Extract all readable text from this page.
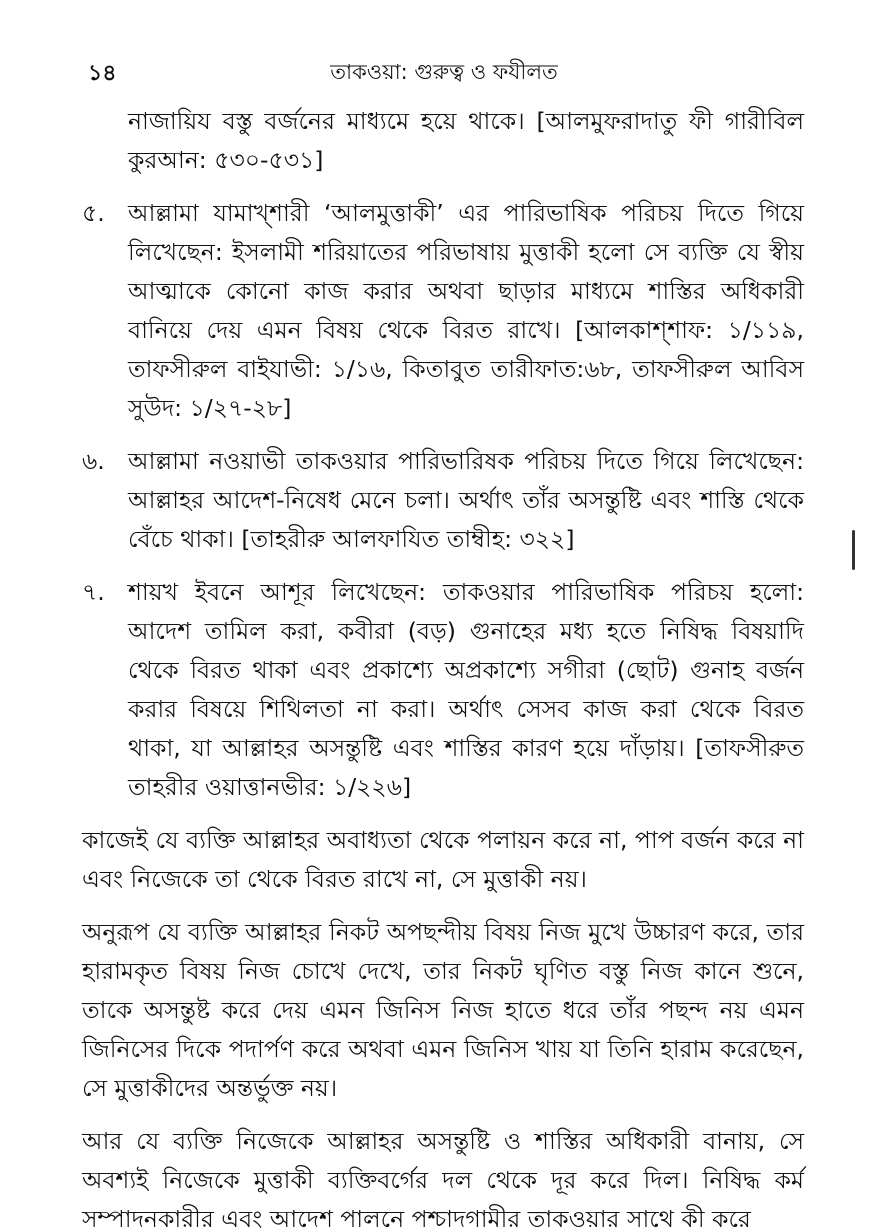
১৪	তাকওয়া: গুরুত্ব ও ফযীলত

নাজায়িয বস্তু বর্জনের মাধ্যমে হয়ে থাকে। [আলমুফরাদাতু ফী গারীবিল কুরআন: ৫৩০-৫৩১]

৫. আল্লামা যামাখ্শারী ‘আলমুত্তাকী’ এর পারিভাষিক পরিচয় দিতে গিয়ে লিখেছেন: ইসলামী শরিয়াতের পরিভাষায় মুত্তাকী হলো সে ব্যক্তি যে স্বীয় আত্মাকে কোনো কাজ করার অথবা ছাড়ার মাধ্যমে শাস্তির অধিকারী বানিয়ে দেয় এমন বিষয় থেকে বিরত রাখে। [আলকাশ্শাফ: ১/১১৯, তাফসীরুল বাইযাভী: ১/১৬, কিতাবুত তারীফাত:৬৮, তাফসীরুল আবিস সুউদ: ১/২৭-২৮]
৬. আল্লামা নওয়াভী তাকওয়ার পারিভারিষক পরিচয় দিতে গিয়ে লিখেছেন: আল্লাহর আদেশ-নিষেধ মেনে চলা। অর্থাৎ তাঁর অসন্তুষ্টি এবং শাস্তি থেকে বেঁচে থাকা। [তাহরীরু আলফাযিত তাম্বীহ: ৩২২]
৭. শায়খ ইবনে আশূর লিখেছেন: তাকওয়ার পারিভাষিক পরিচয় হলো: আদেশ তামিল করা, কবীরা (বড়) গুনাহের মধ্য হতে নিষিদ্ধ বিষয়াদি থেকে বিরত থাকা এবং প্রকাশ্যে অপ্রকাশ্যে সগীরা (ছোট) গুনাহ বর্জন করার বিষয়ে শিথিলতা না করা। অর্থাৎ সেসব কাজ করা থেকে বিরত থাকা, যা আল্লাহর অসন্তুষ্টি এবং শাস্তির কারণ হয়ে দাঁড়ায়। [তাফসীরুত তাহরীর ওয়াত্তানভীর: ১/২২৬]

কাজেই যে ব্যক্তি আল্লাহর অবাধ্যতা থেকে পলায়ন করে না, পাপ বর্জন করে না এবং নিজেকে তা থেকে বিরত রাখে না, সে মুত্তাকী নয়।

অনুরূপ যে ব্যক্তি আল্লাহর নিকট অপছন্দীয় বিষয় নিজ মুখে উচ্চারণ করে, তার হারামকৃত বিষয় নিজ চোখে দেখে, তার নিকট ঘৃণিত বস্তু নিজ কানে শুনে, তাকে অসন্তুষ্ট করে দেয় এমন জিনিস নিজ হাতে ধরে তাঁর পছন্দ নয় এমন জিনিসের দিকে পদার্পণ করে অথবা এমন জিনিস খায় যা তিনি হারাম করেছেন, সে মুত্তাকীদের অন্তর্ভুক্ত নয়।

আর যে ব্যক্তি নিজেকে আল্লাহর অসন্তুষ্টি ও শাস্তির অধিকারী বানায়, সে অবশ্যই নিজেকে মুত্তাকী ব্যক্তিবর্গের দল থেকে দূর করে দিল। নিষিদ্ধ কর্ম সম্পাদনকারীর এবং আদেশ পালনে পশ্চাদগামীর তাকওয়ার সাথে কী করে
